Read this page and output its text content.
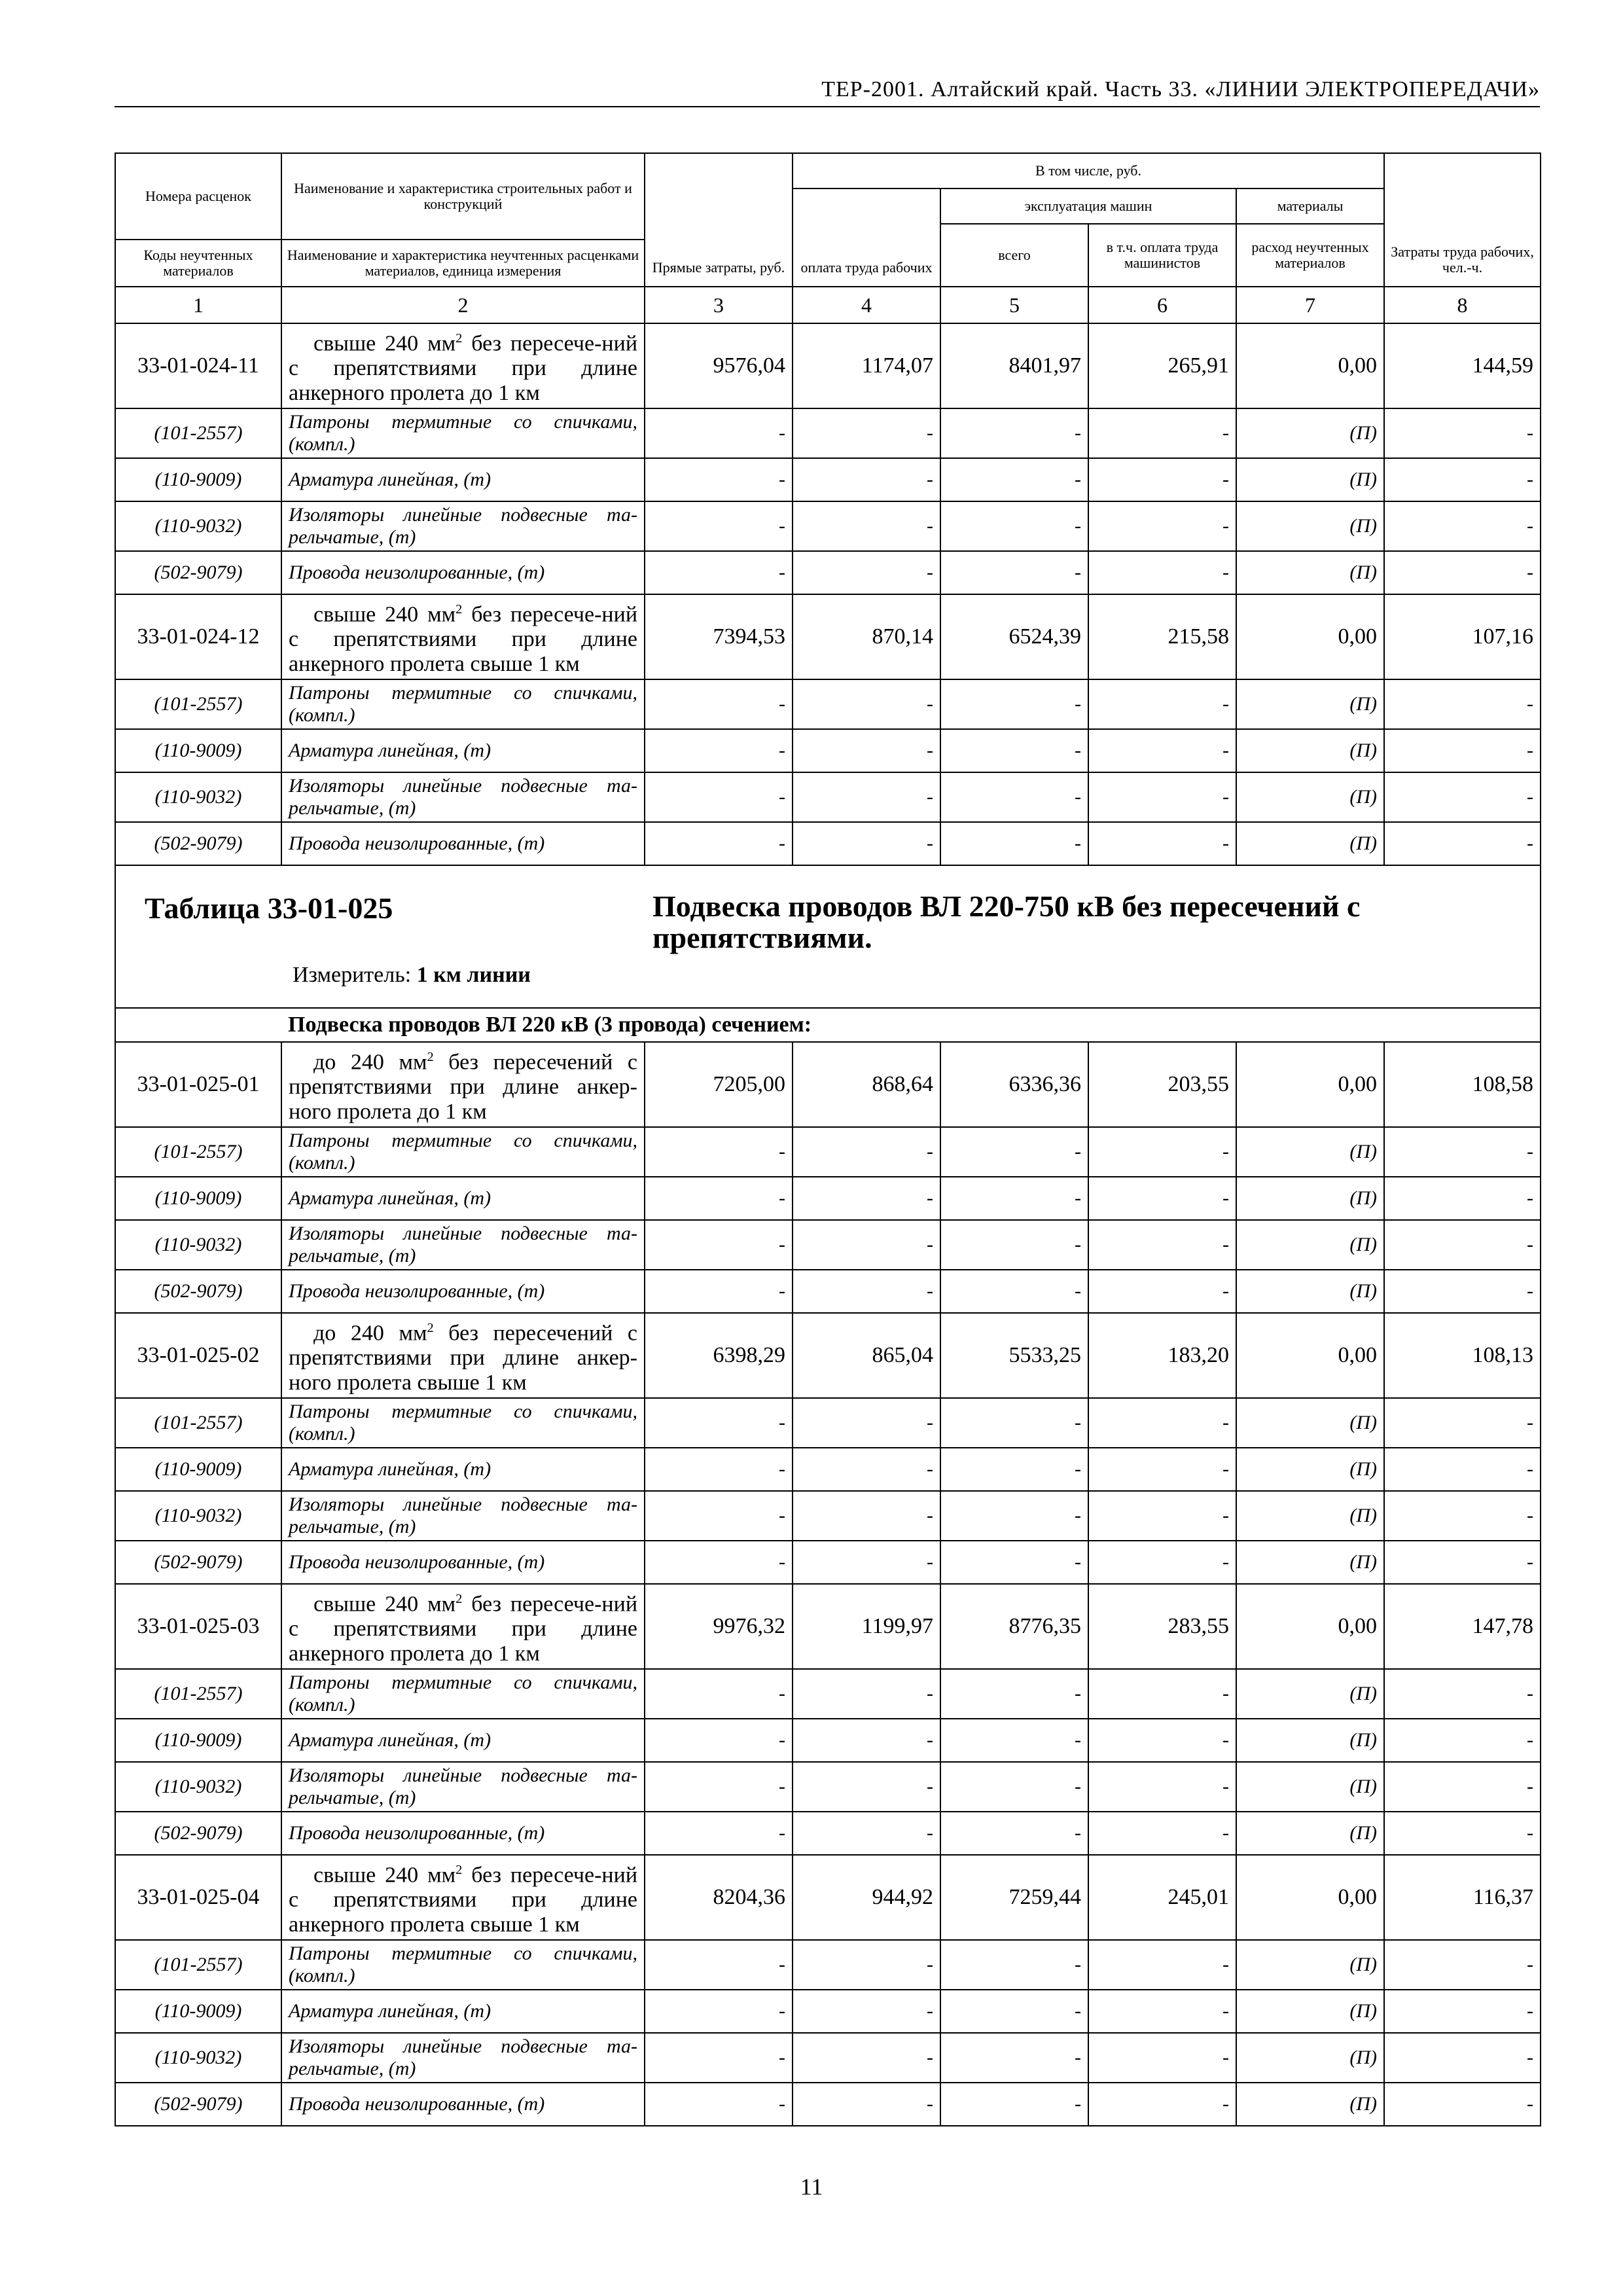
ТЕР-2001. Алтайский край. Часть 33. «ЛИНИИ ЭЛЕКТРОПЕРЕДАЧИ»
Номера расценок	Наименование и характеристика строительных работ и конструкций	Прямые затраты, руб.	В том числе, руб.				Затраты труда рабочих, чел.-ч.
			оплата труда рабочих	эксплуатация машин		материалы	
				всего	в т.ч. оплата труда машинистов	расход неучтенных материалов	
Коды неучтенных материалов	Наименование и характеристика неучтенных расценками материалов, единица измерения						

1	2	3	4	5	6	7	8
33-01-024-11	свыше 240 $мм^2$ без пересече-ний с препятствиями при длине анкерного пролета до 1 км	9576,04	1174,07	8401,97	265,91	0,00	144,59
(101-2557)	Патроны термитные со спичками, (компл.)	-	-	-	-	(П)	-
(110-9009)	Арматура линейная, (т)	-	-	-	-	(П)	-
(110-9032)	Изоляторы линейные подвесные та-рельчатые, (т)	-	-	-	-	(П)	-
(502-9079)	Провода неизолированные, (т)	-	-	-	-	(П)	-
33-01-024-12	свыше 240 $мм^2$ без пересече-ний с препятствиями при длине анкерного пролета свыше 1 км	7394,53	870,14	6524,39	215,58	0,00	107,16
(101-2557)	Патроны термитные со спичками, (компл.)	-	-	-	-	(П)	-
(110-9009)	Арматура линейная, (т)	-	-	-	-	(П)	-
(110-9032)	Изоляторы линейные подвесные та-рельчатые, (т)	-	-	-	-	(П)	-
(502-9079)	Провода неизолированные, (т)	-	-	-	-	(П)	-

Таблица 33-01-025 Подвеска проводов ВЛ 220-750 кВ без пересечений с препятствиями.
Измеритель: 1 км линии							

	Подвеска проводов ВЛ 220 кВ (3 провода) сечением:						
33-01-025-01	до 240 $мм^2$ без пересечений с препятствиями при длине анкер-ного пролета до 1 км	7205,00	868,64	6336,36	203,55	0,00	108,58
(101-2557)	Патроны термитные со спичками, (компл.)	-	-	-	-	(П)	-
(110-9009)	Арматура линейная, (т)	-	-	-	-	(П)	-
(110-9032)	Изоляторы линейные подвесные та-рельчатые, (т)	-	-	-	-	(П)	-
(502-9079)	Провода неизолированные, (т)	-	-	-	-	(П)	-
33-01-025-02	до 240 $мм^2$ без пересечений с препятствиями при длине анкер-ного пролета свыше 1 км	6398,29	865,04	5533,25	183,20	0,00	108,13
(101-2557)	Патроны термитные со спичками, (компл.)	-	-	-	-	(П)	-
(110-9009)	Арматура линейная, (т)	-	-	-	-	(П)	-
(110-9032)	Изоляторы линейные подвесные та-рельчатые, (т)	-	-	-	-	(П)	-
(502-9079)	Провода неизолированные, (т)	-	-	-	-	(П)	-
33-01-025-03	свыше 240 $мм^2$ без пересече-ний с препятствиями при длине анкерного пролета до 1 км	9976,32	1199,97	8776,35	283,55	0,00	147,78
(101-2557)	Патроны термитные со спичками, (компл.)	-	-	-	-	(П)	-
(110-9009)	Арматура линейная, (т)	-	-	-	-	(П)	-
(110-9032)	Изоляторы линейные подвесные та-рельчатые, (т)	-	-	-	-	(П)	-
(502-9079)	Провода неизолированные, (т)	-	-	-	-	(П)	-
33-01-025-04	свыше 240 $мм^2$ без пересече-ний с препятствиями при длине анкерного пролета свыше 1 км	8204,36	944,92	7259,44	245,01	0,00	116,37
(101-2557)	Патроны термитные со спичками, (компл.)	-	-	-	-	(П)	-
(110-9009)	Арматура линейная, (т)	-	-	-	-	(П)	-
(110-9032)	Изоляторы линейные подвесные та-рельчатые, (т)	-	-	-	-	(П)	-
(502-9079)	Провода неизолированные, (т)	-	-	-	-	(П)	-
11
